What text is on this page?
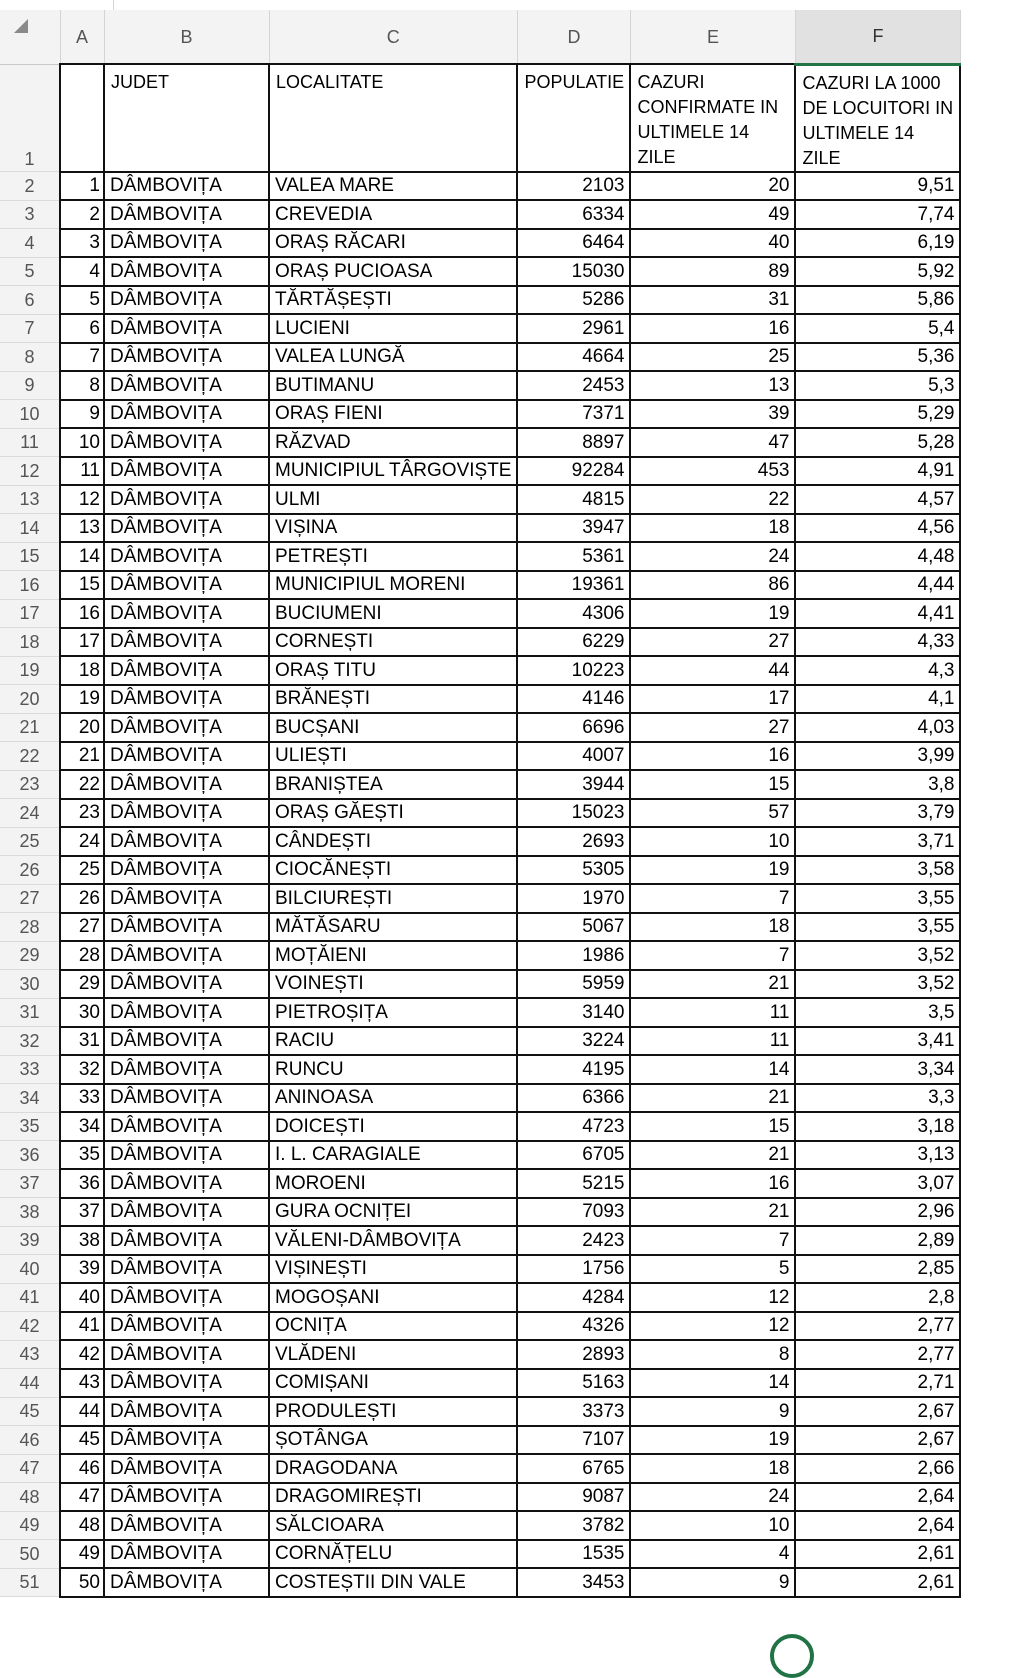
	A	B	C	D	E	F
1		JUDET	LOCALITATE	POPULATIE	CAZURI CONFIRMATE IN ULTIMELE 14 ZILE	CAZURI LA 1000 DE LOCUITORI IN ULTIMELE 14 ZILE
2	1	DÂMBOVIȚA	VALEA MARE	2103	20	9,51
3	2	DÂMBOVIȚA	CREVEDIA	6334	49	7,74
4	3	DÂMBOVIȚA	ORAȘ RĂCARI	6464	40	6,19
5	4	DÂMBOVIȚA	ORAȘ PUCIOASA	15030	89	5,92
6	5	DÂMBOVIȚA	TĂRTĂȘEȘTI	5286	31	5,86
7	6	DÂMBOVIȚA	LUCIENI	2961	16	5,4
8	7	DÂMBOVIȚA	VALEA LUNGĂ	4664	25	5,36
9	8	DÂMBOVIȚA	BUTIMANU	2453	13	5,3
10	9	DÂMBOVIȚA	ORAȘ FIENI	7371	39	5,29
11	10	DÂMBOVIȚA	RĂZVAD	8897	47	5,28
12	11	DÂMBOVIȚA	MUNICIPIUL TÂRGOVIȘTE	92284	453	4,91
13	12	DÂMBOVIȚA	ULMI	4815	22	4,57
14	13	DÂMBOVIȚA	VIȘINA	3947	18	4,56
15	14	DÂMBOVIȚA	PETREȘTI	5361	24	4,48
16	15	DÂMBOVIȚA	MUNICIPIUL MORENI	19361	86	4,44
17	16	DÂMBOVIȚA	BUCIUMENI	4306	19	4,41
18	17	DÂMBOVIȚA	CORNEȘTI	6229	27	4,33
19	18	DÂMBOVIȚA	ORAȘ TITU	10223	44	4,3
20	19	DÂMBOVIȚA	BRĂNEȘTI	4146	17	4,1
21	20	DÂMBOVIȚA	BUCȘANI	6696	27	4,03
22	21	DÂMBOVIȚA	ULIEȘTI	4007	16	3,99
23	22	DÂMBOVIȚA	BRANIȘTEA	3944	15	3,8
24	23	DÂMBOVIȚA	ORAȘ GĂEȘTI	15023	57	3,79
25	24	DÂMBOVIȚA	CÂNDEȘTI	2693	10	3,71
26	25	DÂMBOVIȚA	CIOCĂNEȘTI	5305	19	3,58
27	26	DÂMBOVIȚA	BILCIUREȘTI	1970	7	3,55
28	27	DÂMBOVIȚA	MĂTĂSARU	5067	18	3,55
29	28	DÂMBOVIȚA	MOȚĂIENI	1986	7	3,52
30	29	DÂMBOVIȚA	VOINEȘTI	5959	21	3,52
31	30	DÂMBOVIȚA	PIETROȘIȚA	3140	11	3,5
32	31	DÂMBOVIȚA	RACIU	3224	11	3,41
33	32	DÂMBOVIȚA	RUNCU	4195	14	3,34
34	33	DÂMBOVIȚA	ANINOASA	6366	21	3,3
35	34	DÂMBOVIȚA	DOICEȘTI	4723	15	3,18
36	35	DÂMBOVIȚA	I. L. CARAGIALE	6705	21	3,13
37	36	DÂMBOVIȚA	MOROENI	5215	16	3,07
38	37	DÂMBOVIȚA	GURA OCNIȚEI	7093	21	2,96
39	38	DÂMBOVIȚA	VĂLENI-DÂMBOVIȚA	2423	7	2,89
40	39	DÂMBOVIȚA	VIȘINEȘTI	1756	5	2,85
41	40	DÂMBOVIȚA	MOGOȘANI	4284	12	2,8
42	41	DÂMBOVIȚA	OCNIȚA	4326	12	2,77
43	42	DÂMBOVIȚA	VLĂDENI	2893	8	2,77
44	43	DÂMBOVIȚA	COMIȘANI	5163	14	2,71
45	44	DÂMBOVIȚA	PRODULEȘTI	3373	9	2,67
46	45	DÂMBOVIȚA	ȘOTÂNGA	7107	19	2,67
47	46	DÂMBOVIȚA	DRAGODANA	6765	18	2,66
48	47	DÂMBOVIȚA	DRAGOMIREȘTI	9087	24	2,64
49	48	DÂMBOVIȚA	SĂLCIOARA	3782	10	2,64
50	49	DÂMBOVIȚA	CORNĂȚELU	1535	4	2,61
51	50	DÂMBOVIȚA	COSTEȘTII DIN VALE	3453	9	2,61
